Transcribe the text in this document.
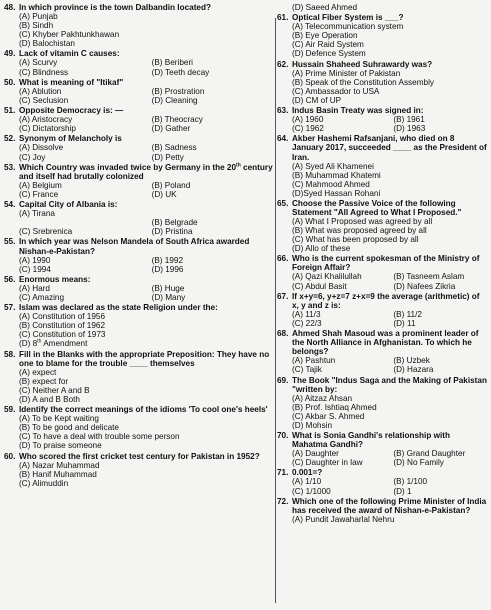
48. In which province is the town Dalbandin located?
(A) Punjab
(B) Sindh
(C) Khyber Pakhtunkhawan
(D) Balochistan
49. Lack of vitamin C causes:
(A) Scurvy	(B) Beriberi
(C) Blindness	(D) Teeth decay
50. What is meaning of "Itikaf"
(A) Ablution	(B) Prostration
(C) Seclusion	(D) Cleaning
51. Opposite Democracy is: —
(A) Aristocracy	(B) Theocracy
(C) Dictatorship	(D) Gather
52. Synonym of Melancholy is
(A) Dissolve	(B) Sadness
(C) Joy	(D) Petty
53. Which Country was invaded twice by Germany in the 20th century and itself had brutally colonized
(A) Belgium	(B) Poland
(C) France	(D) UK
54. Capital City of Albania is:
(A) Tirana
(B) Belgrade
(C) Srebrenica	(D) Pristina
55. In which year was Nelson Mandela of South Africa awarded Nishan-e-Pakistan?
(A) 1990	(B) 1992
(C) 1994	(D) 1996
56. Enormous means:
(A) Hard	(B) Huge
(C) Amazing	(D) Many
57. Islam was declared as the state Religion under the:
(A) Constitution of 1956
(B) Constitution of 1962
(C) Constitution of 1973
(D) 8th Amendment
58. Fill in the Blanks with the appropriate Preposition: They have no one to blame for the trouble ____ themselves
(A) expect
(B) expect for
(C) Neither A and B
(D) A and B Both
59. Identify the correct meanings of the idioms 'To cool one's heels'
(A) To be Kept waiting
(B) To be good and delicate
(C) To have a deal with trouble some person
(D) To praise someone
60. Who scored the first cricket test century for Pakistan in 1952?
(A) Nazar Muhammad
(B) Hanif Muhammad
(C) Alimuddin
(D) Saeed Ahmed
61. Optical Fiber System is ___?
(A) Telecommunication system
(B) Eye Operation
(C) Air Raid System
(D) Defence System
62. Hussain Shaheed Suhrawardy was?
(A) Prime Minister of Pakistan
(B) Speak of the Constitution Assembly
(C) Ambassador to USA
(D) CM of UP
63. Indus Basin Treaty was signed in:
(A) 1960	(B) 1961
(C) 1962	(D) 1963
64. Akber Hashemi Rafsanjani, who died on 8 January 2017, succeeded ____ as the President of Iran.
(A) Syed Ali Khamenei
(B) Muhammad Khatemi
(C) Mahmood Ahmed
(D)Syed Hassan Rohani
65. Choose the Passive Voice of the following Statement "All Agreed to What I Proposed."
(A) What I Proposed was agreed by all
(B) What was proposed agreed by all
(C) What has been proposed by all
(D) Allo of these
66. Who is the current spokesman of the Ministry of Foreign Affair?
(A) Qazi Khalilullah	(B) Tasneem Aslam
(C) Abdul Basit	(D) Nafees Zikria
67. If x+y=6, y+z=7 z+x=9 the average (arithmetic) of x, y and z is:
(A) 11/3	(B) 11/2
(C) 22/3	(D) 11
68. Ahmed Shah Masoud was a prominent leader of the North Alliance in Afghanistan. To which he belongs?
(A) Pashtun	(B) Uzbek
(C) Tajik	(D) Hazara
69. The Book "Indus Saga and the Making of Pakistan "written by:
(A) Aitzaz Ahsan
(B) Prof. Ishtiaq Ahmed
(C) Akbar S. Ahmed
(D) Mohsin
70. What is Sonia Gandhi's relationship with Mahatma Gandhi?
(A) Daughter	(B) Grand Daughter
(C) Daughter in law	(D) No Family
71. 0.001=?
(A) 1/10	(B) 1/100
(C) 1/1000	(D) 1
72. Which one of the following Prime Minister of India has received the award of Nishan-e-Pakistan?
(A) Pundit Jawaharlal Nehru
